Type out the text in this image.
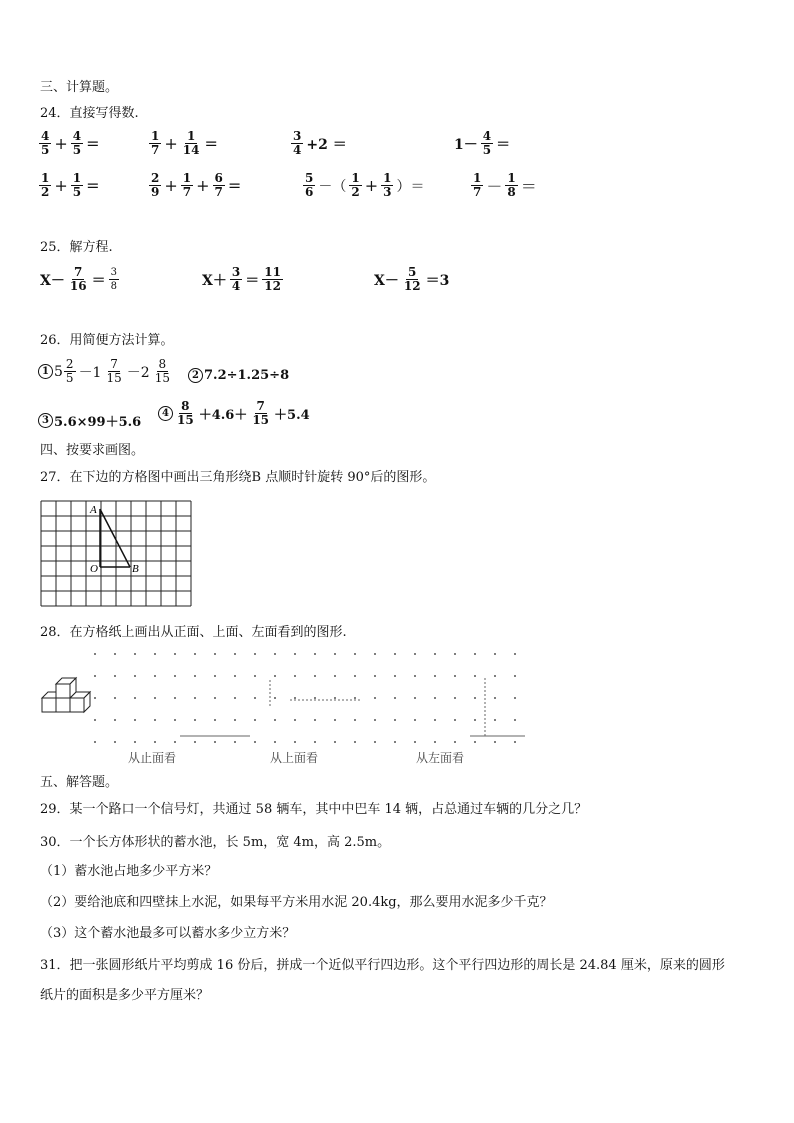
三、计算题。
24．直接写得数.
$\frac{4}{5} + \frac{4}{5}$ =	$\frac{1}{7} + \frac{1}{14}$ =	$\frac{3}{4} +2$ ＝	$1- \frac{4}{5}$ ＝
$\frac{1}{2} + \frac{1}{5}$ =	$\frac{2}{9} + \frac{1}{7} + \frac{6}{7}$ =	$\frac{5}{6}$ －（ $\frac{1}{2} + \frac{1}{3}$ ）＝	$\frac{1}{7} - \frac{1}{8}$ ＝
25．解方程.
$X- \frac{7}{16} = \frac{3}{8}$	$X+ \frac{3}{4} = \frac{11}{12}$	$X- \frac{5}{12} =3$
26．用简便方法计算。
1 $5 \frac{2}{5} -1 \frac{7}{15} -2 \frac{8}{15}$	2 7.2÷1.25÷8
3 5.6×99＋5.6
$4 \frac{8}{15} +4.6+ \frac{7}{15} +5.4$
四、按要求画图。
27．在下边的方格图中画出三角形绕B 点顺时针旋转 90°后的图形。
A
O	B
28．在方格纸上画出从正面、上面、左面看到的图形.
从止面看	从上面看	从左面看
五、解答题。
29．某一个路口一个信号灯，共通过 58 辆车，其中中巴车 14 辆，占总通过车辆的几分之几？
30．一个长方体形状的蓄水池，长 5m，宽 4m，高 2.5m。
（1）蓄水池占地多少平方米？
（2）要给池底和四壁抹上水泥，如果每平方米用水泥 20.4kg，那么要用水泥多少千克？
（3）这个蓄水池最多可以蓄水多少立方米？
31．把一张圆形纸片平均剪成 16 份后，拼成一个近似平行四边形。这个平行四边形的周长是 24.84 厘米，原来的圆形
纸片的面积是多少平方厘米？
